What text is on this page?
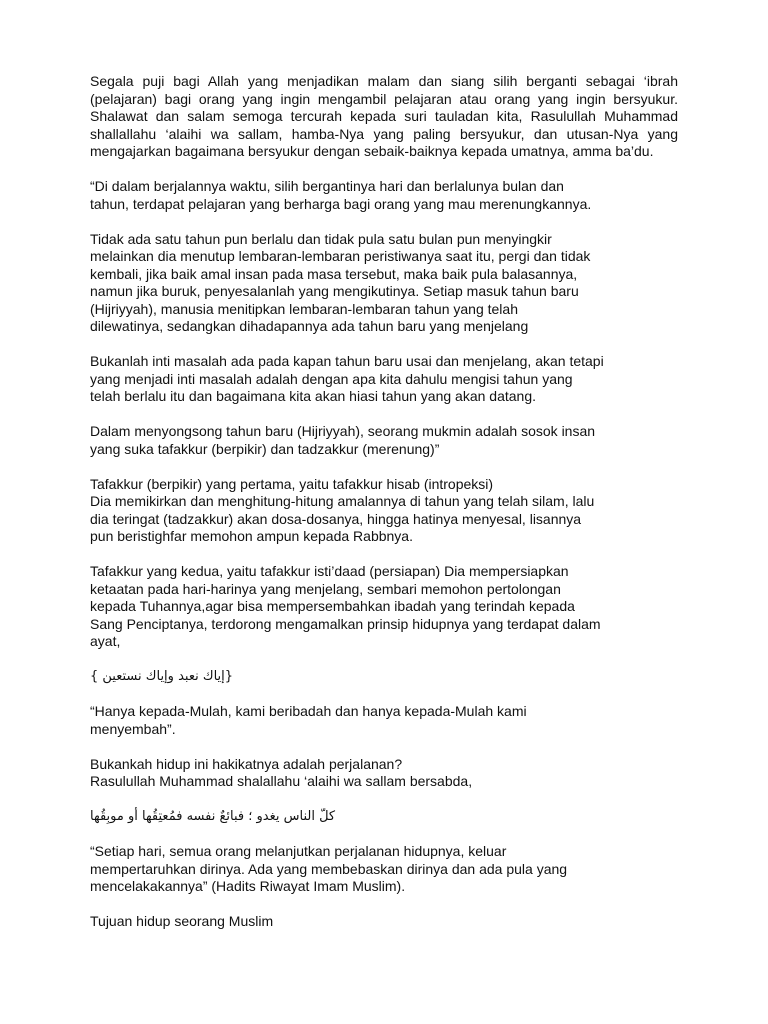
Segala puji bagi Allah yang menjadikan malam dan siang silih berganti sebagai ‘ibrah (pelajaran) bagi orang yang ingin mengambil pelajaran atau orang yang ingin bersyukur. Shalawat dan salam semoga tercurah kepada suri tauladan kita, Rasulullah Muhammad shallallahu ‘alaihi wa sallam, hamba-Nya yang paling bersyukur, dan utusan-Nya yang mengajarkan bagaimana bersyukur dengan sebaik-baiknya kepada umatnya, amma ba’du.

“Di dalam berjalannya waktu, silih bergantinya hari dan berlalunya bulan dan
tahun, terdapat pelajaran yang berharga bagi orang yang mau merenungkannya.

Tidak ada satu tahun pun berlalu dan tidak pula satu bulan pun menyingkir
melainkan dia menutup lembaran-lembaran peristiwanya saat itu, pergi dan tidak
kembali, jika baik amal insan pada masa tersebut, maka baik pula balasannya,
namun jika buruk, penyesalanlah yang mengikutinya. Setiap masuk tahun baru
(Hijriyyah), manusia menitipkan lembaran-lembaran tahun yang telah
dilewatinya, sedangkan dihadapannya ada tahun baru yang menjelang

Bukanlah inti masalah ada pada kapan tahun baru usai dan menjelang, akan tetapi
yang menjadi inti masalah adalah dengan apa kita dahulu mengisi tahun yang
telah berlalu itu dan bagaimana kita akan hiasi tahun yang akan datang.

Dalam menyongsong tahun baru (Hijriyyah), seorang mukmin adalah sosok insan
yang suka tafakkur (berpikir) dan tadzakkur (merenung)”

Tafakkur (berpikir) yang pertama, yaitu tafakkur hisab (intropeksi)
Dia memikirkan dan menghitung-hitung amalannya di tahun yang telah silam, lalu
dia teringat (tadzakkur) akan dosa-dosanya, hingga hatinya menyesal, lisannya
pun beristighfar memohon ampun kepada Rabbnya.

Tafakkur yang kedua, yaitu tafakkur isti’daad (persiapan) Dia mempersiapkan
ketaatan pada hari-harinya yang menjelang, sembari memohon pertolongan
kepada Tuhannya,agar bisa mempersembahkan ibadah yang terindah kepada
Sang Penciptanya, terdorong mengamalkan prinsip hidupnya yang terdapat dalam
ayat,

{إياك نعبد وإياك نستعين }

“Hanya kepada-Mulah, kami beribadah dan hanya kepada-Mulah kami
menyembah”.

Bukankah hidup ini hakikatnya adalah perjalanan?
Rasulullah Muhammad shalallahu ‘alaihi wa sallam bersabda,

كلّ الناس يغدو ؛ فبائعٌ نفسه فمُعتِقُها أو موبِقُها

“Setiap hari, semua orang melanjutkan perjalanan hidupnya, keluar
mempertaruhkan dirinya. Ada yang membebaskan dirinya dan ada pula yang
mencelakakannya” (Hadits Riwayat Imam Muslim).

Tujuan hidup seorang Muslim
